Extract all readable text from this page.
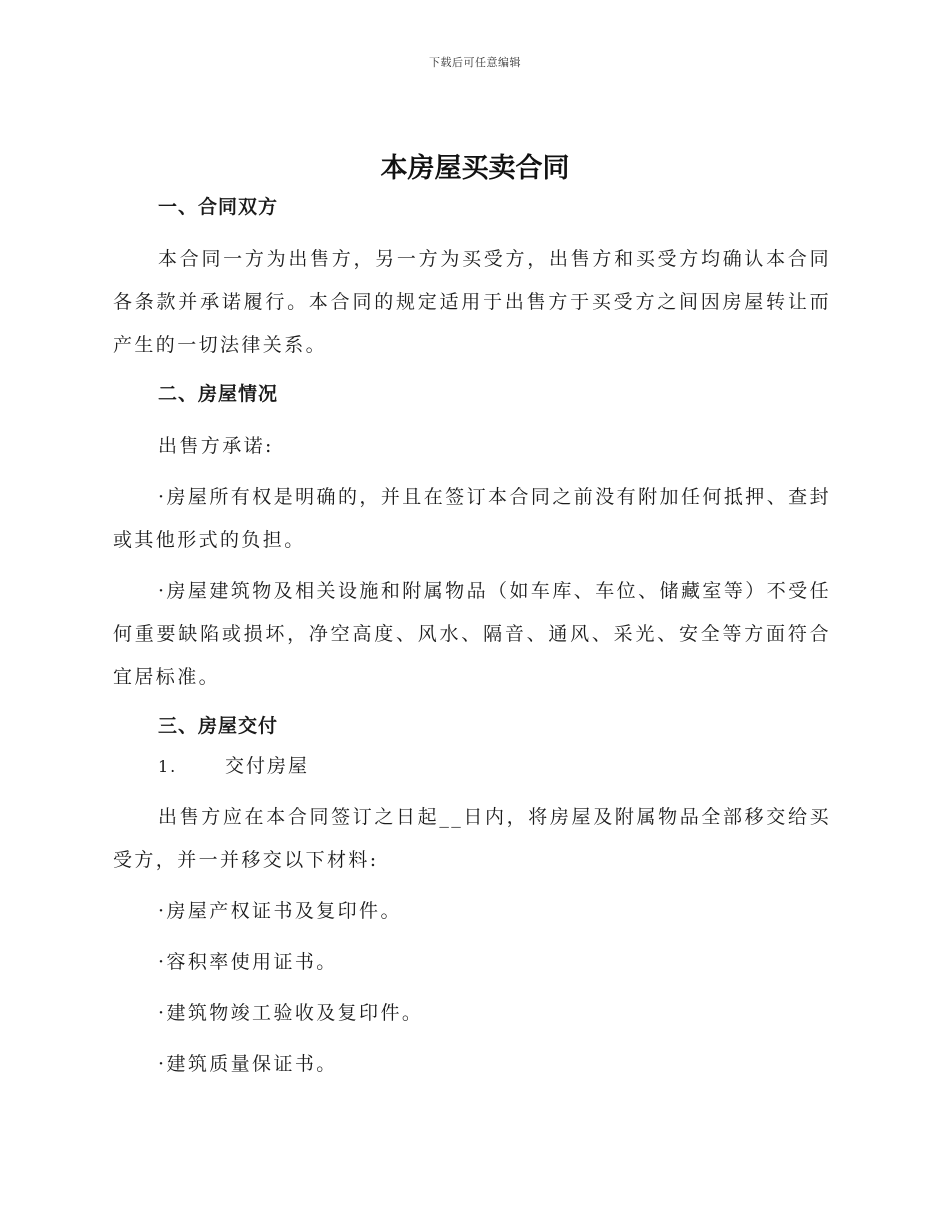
下载后可任意编辑
本房屋买卖合同
一、合同双方

本合同一方为出售方，另一方为买受方，出售方和买受方均确认本合同各条款并承诺履行。本合同的规定适用于出售方于买受方之间因房屋转让而产生的一切法律关系。

二、房屋情况

出售方承诺:

·房屋所有权是明确的，并且在签订本合同之前没有附加任何抵押、查封或其他形式的负担。

·房屋建筑物及相关设施和附属物品（如车库、车位、储藏室等）不受任何重要缺陷或损坏，净空高度、风水、隔音、通风、采光、安全等方面符合宜居标准。

三、房屋交付
1.	交付房屋

出售方应在本合同签订之日起__日内，将房屋及附属物品全部移交给买受方，并一并移交以下材料:

·房屋产权证书及复印件。

·容积率使用证书。

·建筑物竣工验收及复印件。

·建筑质量保证书。
